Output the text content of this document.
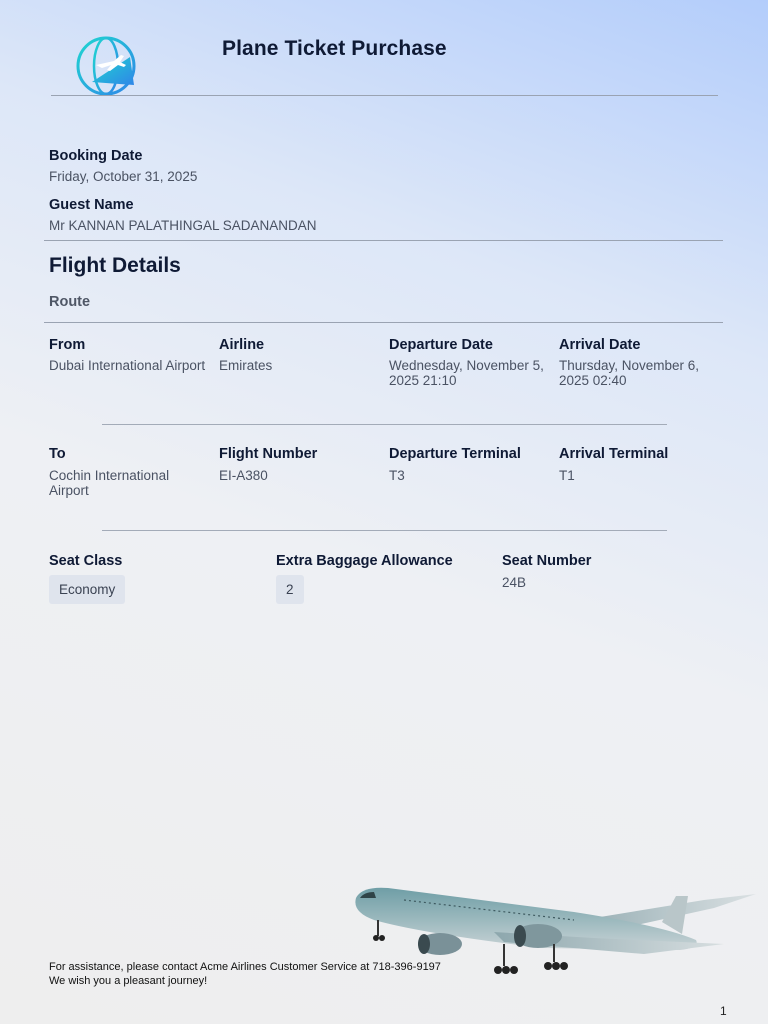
Plane Ticket Purchase
Booking Date
Friday, October 31, 2025
Guest Name
Mr KANNAN PALATHINGAL SADANANDAN
Flight Details
Route
From
Dubai International Airport
Airline
Emirates
Departure Date
Wednesday, November 5, 2025 21:10
Arrival Date
Thursday, November 6, 2025 02:40
To
Cochin International Airport
Flight Number
EI-A380
Departure Terminal
T3
Arrival Terminal
T1
Seat Class
Economy
Extra Baggage Allowance
2
Seat Number
24B
For assistance, please contact Acme Airlines Customer Service at 718-396-9197
We wish you a pleasant journey!
1
